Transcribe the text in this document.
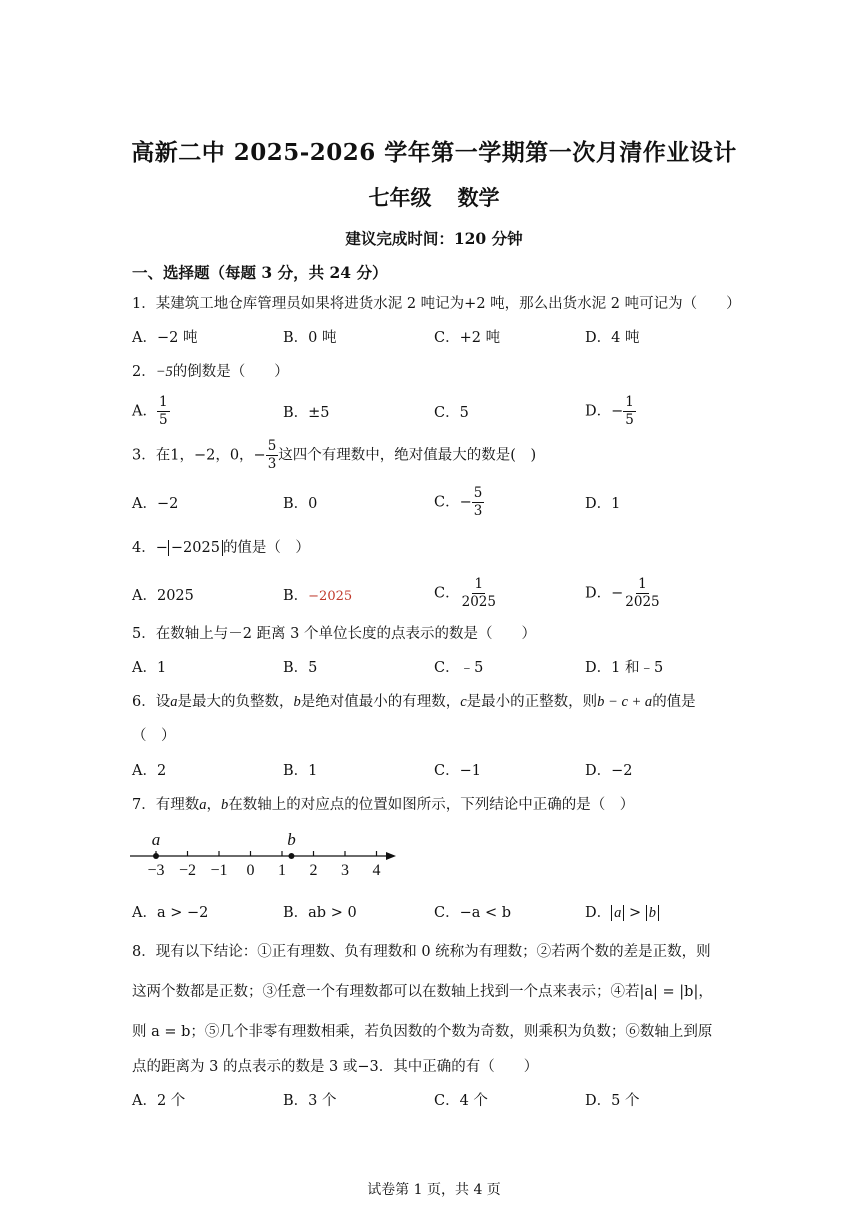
高新二中 2025-2026 学年第一学期第一次月清作业设计
七年级 数学
建议完成时间：120 分钟
一、选择题（每题 3 分，共 24 分）
1．某建筑工地仓库管理员如果将进货水泥 2 吨记为+2 吨，那么出货水泥 2 吨可记为（　　）
A．−2 吨	B．0 吨	C．+2 吨	D．4 吨
2．−5的倒数是（　　）
A． $\frac{1}{5}$	B．±5	C．5	D．− $\frac{1}{5}$
3．在1，−2，0，− $\frac{5}{3}$ 这四个有理数中，绝对值最大的数是(　)
A．−2	B．0	C．− $\frac{5}{3}$	D．1
4．− −2025 的值是（　）
A．2025	B．−2025	C． $\frac{1}{2025}$	D．− $\frac{1}{2025}$
5．在数轴上与－2 距离 3 个单位长度的点表示的数是（　　）
A．1	B．5	C．﹣5	D．1 和﹣5
6．设a是最大的负整数，b是绝对值最小的有理数，c是最小的正整数，则b − c + a的值是
（　）
A．2	B．1	C．−1	D．−2
7．有理数a，b在数轴上的对应点的位置如图所示，下列结论中正确的是（　）
−3 −2 −1 0 1 2 3 4
a	b
A．a > −2	B．ab > 0	C．−a < b	D． a > b
8．现有以下结论：①正有理数、负有理数和 0 统称为有理数；②若两个数的差是正数，则
这两个数都是正数；③任意一个有理数都可以在数轴上找到一个点来表示；④若|a| = |b|，
则 a = b；⑤几个非零有理数相乘，若负因数的个数为奇数，则乘积为负数；⑥数轴上到原
点的距离为 3 的点表示的数是 3 或−3．其中正确的有（　　）
A．2 个	B．3 个	C．4 个	D．5 个
试卷第 1 页，共 4 页
